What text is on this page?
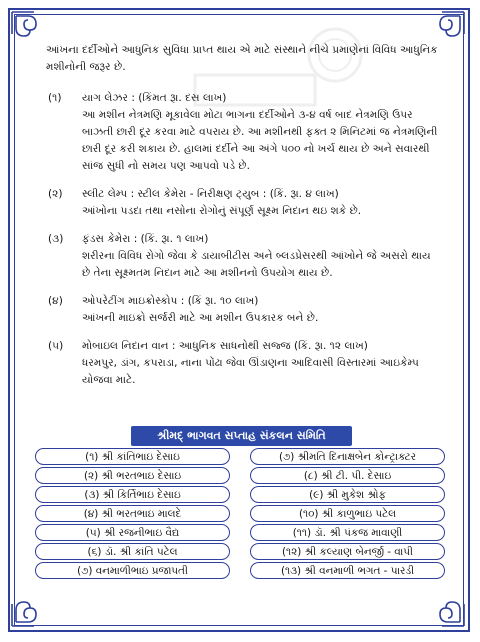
આંખના દર્દીઓને આધુનિક સુવિધા પ્રાપ્ત થાય એ માટે સંસ્થાને નીચે પ્રમાણેનાં વિવિધ આધુનિક મશીનોની જરૂર છે.
(૧)	યાગ લેઝર : (કિંમત રૂા. દસ લાખ)
આ મશીન નેત્રમણિ મૂકાવેલા મોટા ભાગના દર્દીઓને ૩-૪ વર્ષ બાદ નેત્રમણિ ઉપર બાઝતી છારી દૂર કરવા માટે વપરાય છે. આ મશીનથી ફક્ત ૨ મિનિટમાં જ નેત્રમણિની છારી દૂર કરી શકાય છે. હાલમાં દર્દીને આ અંગે ૫૦૦ નો ખર્ચ થાય છે અને સવારથી સાંજ સુધી નો સમય પણ આપવો પડે છે.
(૨)	સ્લીટ લેમ્પ : સ્ટીલ કેમેરા - નિરીક્ષણ ટ્યુબ : (કિં. રૂા. ૪ લાખ)
આંખોના પડદા તથા નસોના રોગોનું સંપૂર્ણ સૂક્ષ્મ નિદાન થઇ શકે છે.
(૩)	ફંડસ કેમેરા : (કિં. રૂા. ૧ લાખ)
શરીરના વિવિધ રોગો જેવા કે ડાયાબીટીસ અને બ્લડપ્રેસરથી આંખોને જે અસરો થાય છે તેના સૂક્ષ્મતમ નિદાન માટે આ મશીનનો ઉપયોગ થાય છે.
(૪)	ઓપરેટીંગ માઇક્રોસ્કોપ : (કિં રૂા. ૧૦ લાખ)
આંખની માઇક્રો સર્જરી માટે આ મશીન ઉપકારક બને છે.
(૫)	મોબાઇલ નિદાન વાન : આધુનિક સાધનોથી સજ્જ (કિં. રૂા. ૧૨ લાખ)
ધરમપુર, ડાંગ, કપરાડા, નાના પોંઢા જેવા ઊંડાણના આદિવાસી વિસ્તારમાં આઇકેમ્પ યોજવા માટે.
શ્રીમદ્ ભાગવત સપ્તાહ સંકલન સમિતિ
(૧) શ્રી કાંતિભાઇ દેસાઇ	(૭) શ્રીમતિ દિનાક્ષબેન કોન્ટ્રાક્ટર
(૨) શ્રી ભરતભાઇ દેસાઇ	(૮) શ્રી ટી. પી. દેસાઇ
(૩) શ્રી કિર્તિભાઇ દેસાઇ	(૯) શ્રી મુકેશ શ્રોફ
(૪) શ્રી ભરતભાઇ માલદે	(૧૦) શ્રી કાળુભાઇ પટેલ
(૫) શ્રી રજનીભાઇ વૈદ્ય	(૧૧) ડૉ. શ્રી પંકજ માવાણી
(૬) ડૉ. શ્રી કાંતિ પટેલ	(૧૨) શ્રી કલ્યાણ બેનર્જી - વાપી
(૭) વનમાળીભાઇ પ્રજાપતી	(૧૩) શ્રી વનમાળી ભગત - પારડી
